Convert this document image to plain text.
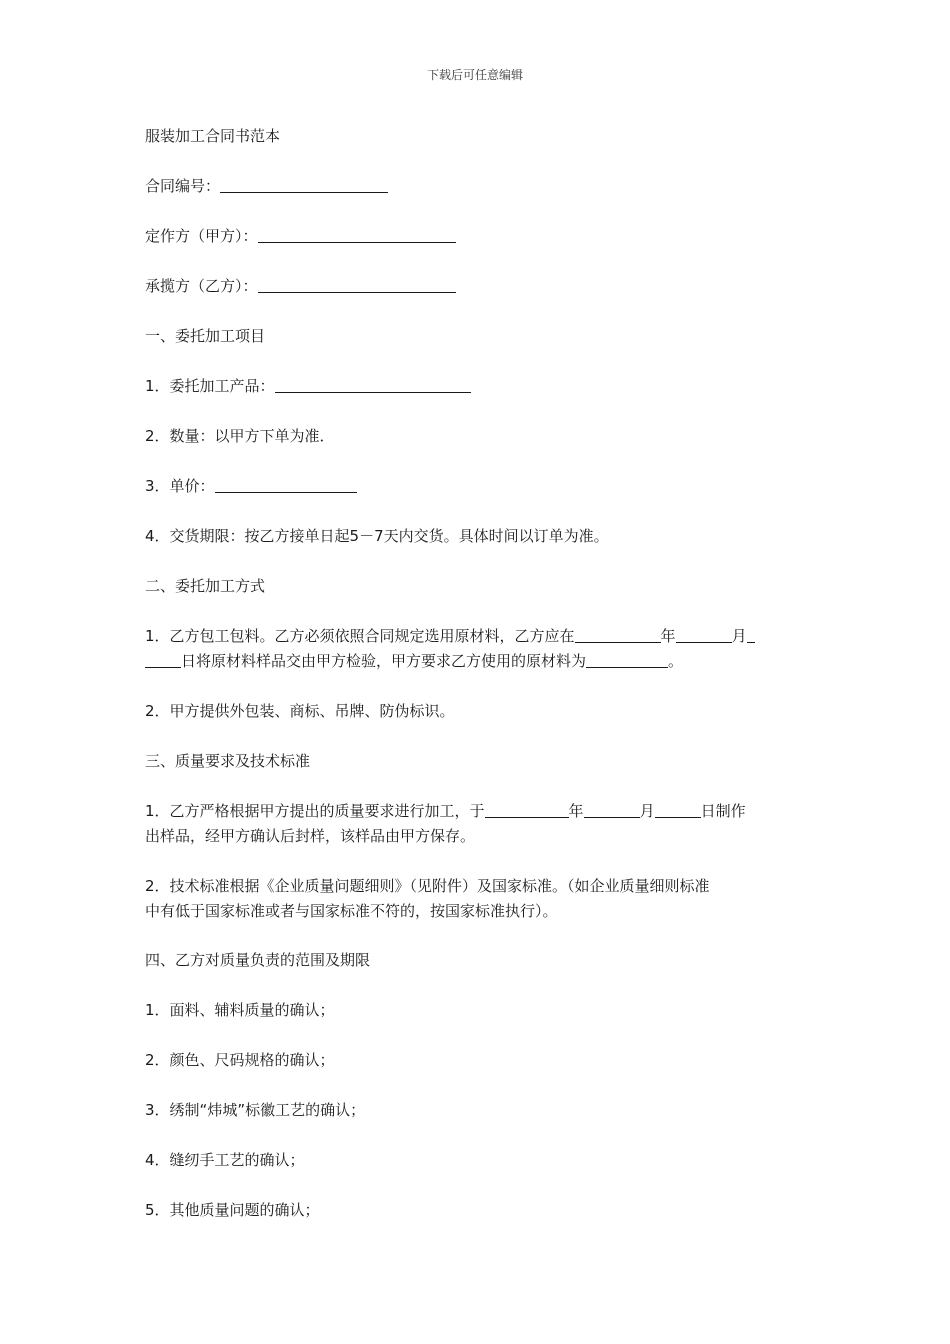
下载后可任意编辑
服装加工合同书范本
合同编号：
定作方（甲方）：
承揽方（乙方）：
一、委托加工项目
1．委托加工产品：
2．数量：以甲方下单为准．
3．单价：
4．交货期限：按乙方接单日起5－7天内交货。具体时间以订单为准。
二、委托加工方式
1．乙方包工包料。乙方必须依照合同规定选用原材料，乙方应在	年	月
日将原材料样品交由甲方检验，甲方要求乙方使用的原材料为	。
2．甲方提供外包装、商标、吊牌、防伪标识。
三、质量要求及技术标准
1．乙方严格根据甲方提出的质量要求进行加工，于	年	月	日制作
出样品，经甲方确认后封样，该样品由甲方保存。
2．技术标准根据《企业质量问题细则》（见附件）及国家标准。（如企业质量细则标准
中有低于国家标准或者与国家标准不符的，按国家标准执行）。
四、乙方对质量负责的范围及期限
1．面料、辅料质量的确认；
2．颜色、尺码规格的确认；
3．绣制“炜城”标徽工艺的确认；
4．缝纫手工艺的确认；
5．其他质量问题的确认；
